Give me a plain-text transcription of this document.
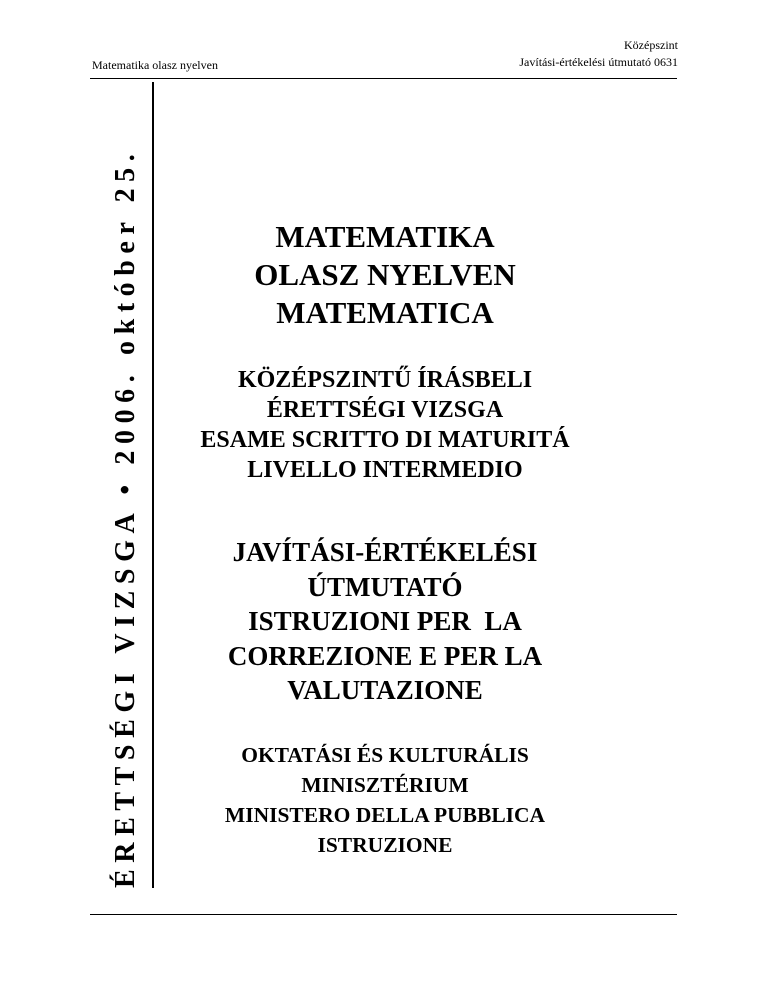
Matematika olasz nyelven
Középszint
Javítási-értékelési útmutató 0631
ÉRETTSÉGI VIZSGA • 2006. október 25.	MATEMATIKA
OLASZ NYELVEN
MATEMATICA
KÖZÉPSZINTŰ ÍRÁSBELI
ÉRETTSÉGI VIZSGA
ESAME SCRITTO DI MATURITÁ
LIVELLO INTERMEDIO
JAVÍTÁSI-ÉRTÉKELÉSI
ÚTMUTATÓ
ISTRUZIONI PER  LA
CORREZIONE E PER LA
VALUTAZIONE
OKTATÁSI ÉS KULTURÁLIS
MINISZTÉRIUM
MINISTERO DELLA PUBBLICA
ISTRUZIONE
